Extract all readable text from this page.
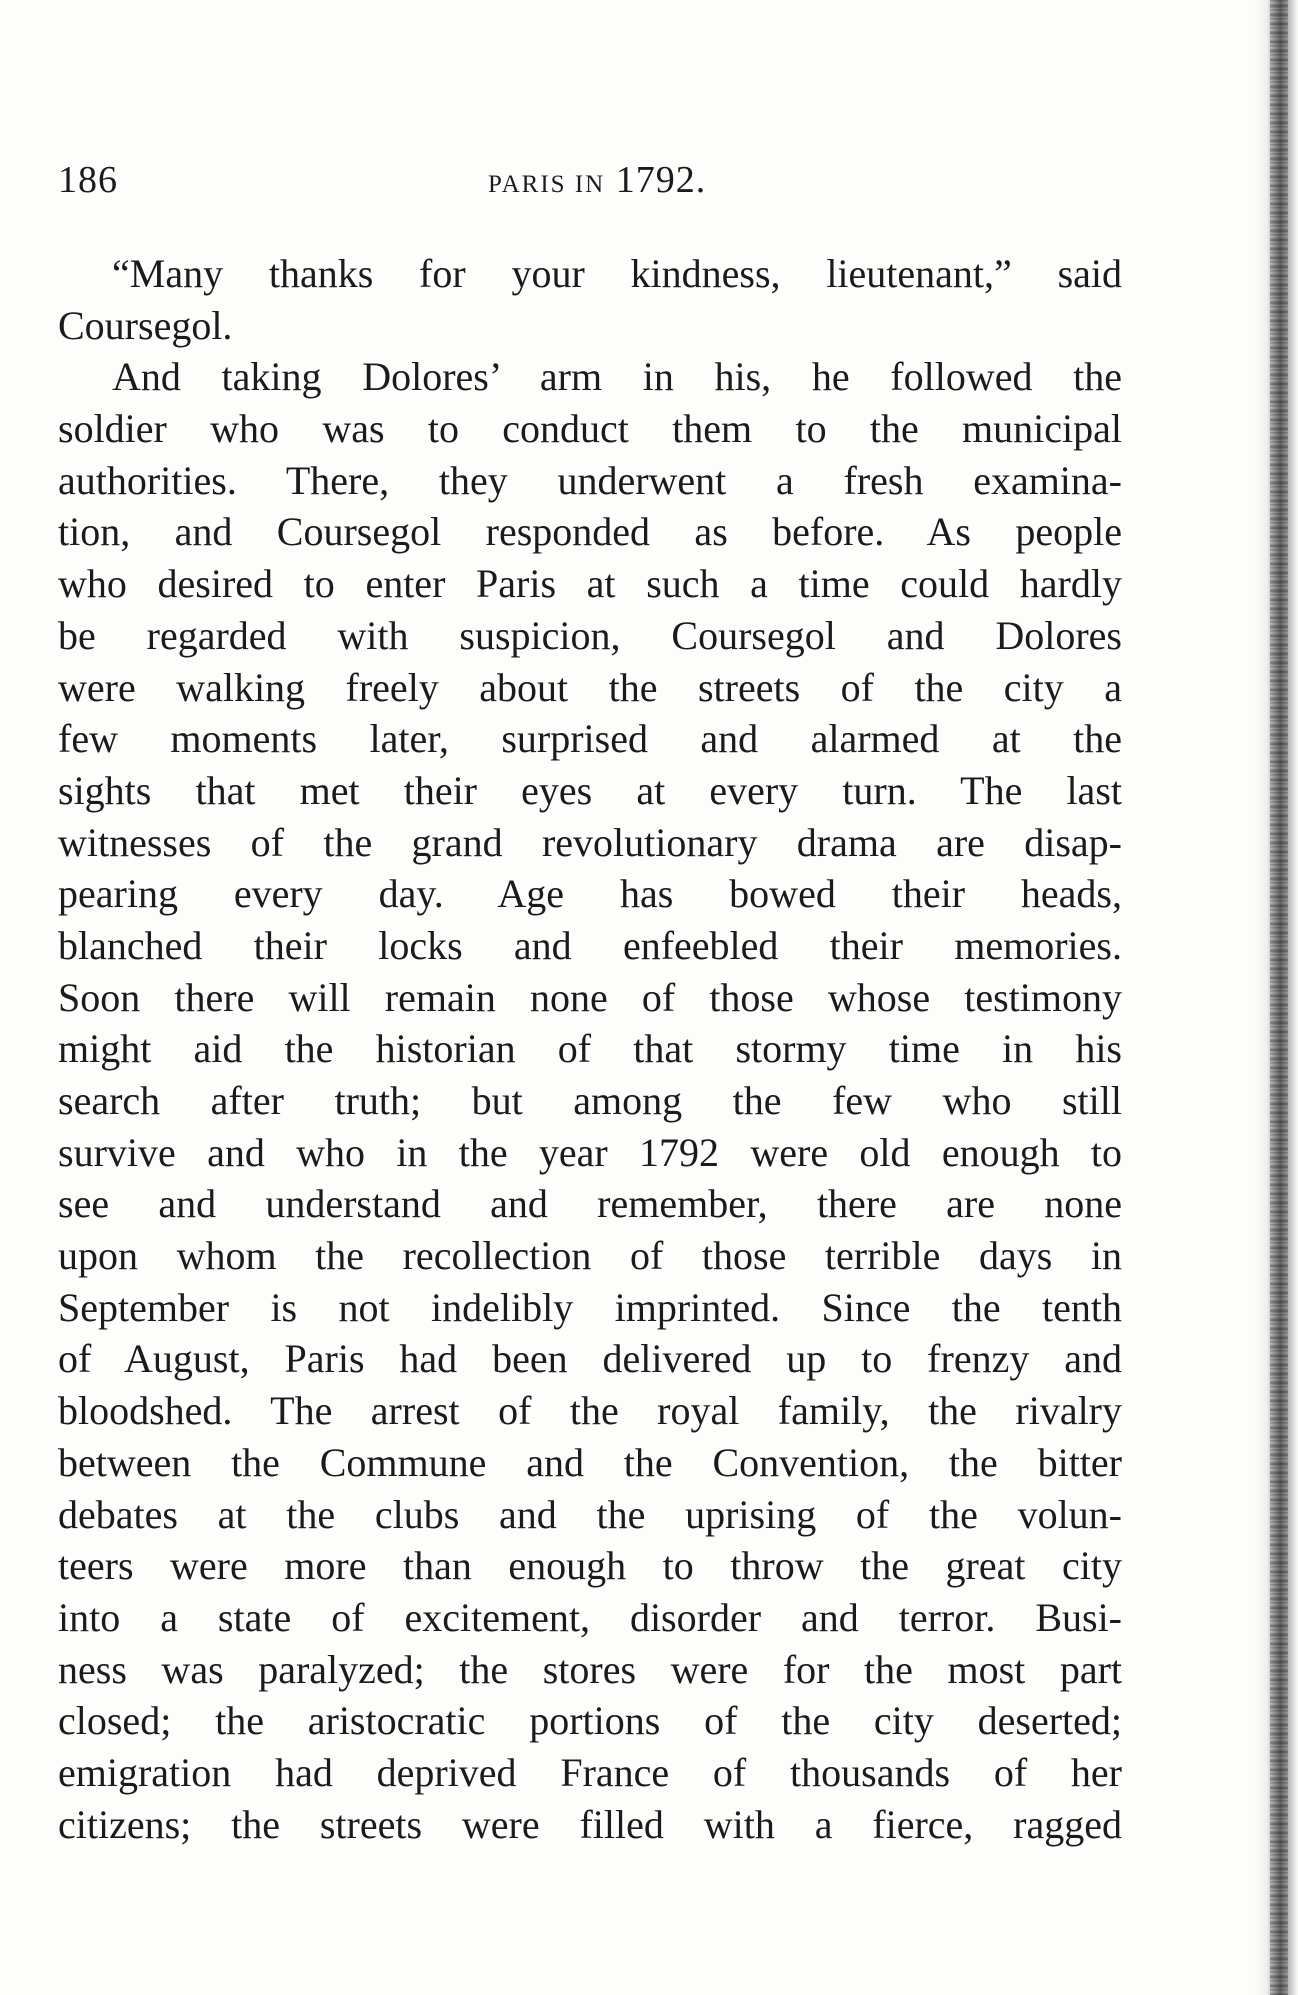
186	PARIS IN 1792.
“Many thanks for your kindness, lieutenant,” said
Coursegol.
And taking Dolores’ arm in his, he followed the
soldier who was to conduct them to the municipal
authorities. There, they underwent a fresh examina-
tion, and Coursegol responded as before. As people
who desired to enter Paris at such a time could hardly
be regarded with suspicion, Coursegol and Dolores
were walking freely about the streets of the city a
few moments later, surprised and alarmed at the
sights that met their eyes at every turn. The last
witnesses of the grand revolutionary drama are disap-
pearing every day. Age has bowed their heads,
blanched their locks and enfeebled their memories.
Soon there will remain none of those whose testimony
might aid the historian of that stormy time in his
search after truth; but among the few who still
survive and who in the year 1792 were old enough to
see and understand and remember, there are none
upon whom the recollection of those terrible days in
September is not indelibly imprinted. Since the tenth
of August, Paris had been delivered up to frenzy and
bloodshed. The arrest of the royal family, the rivalry
between the Commune and the Convention, the bitter
debates at the clubs and the uprising of the volun-
teers were more than enough to throw the great city
into a state of excitement, disorder and terror. Busi-
ness was paralyzed; the stores were for the most part
closed; the aristocratic portions of the city deserted;
emigration had deprived France of thousands of her
citizens; the streets were filled with a fierce, ragged
